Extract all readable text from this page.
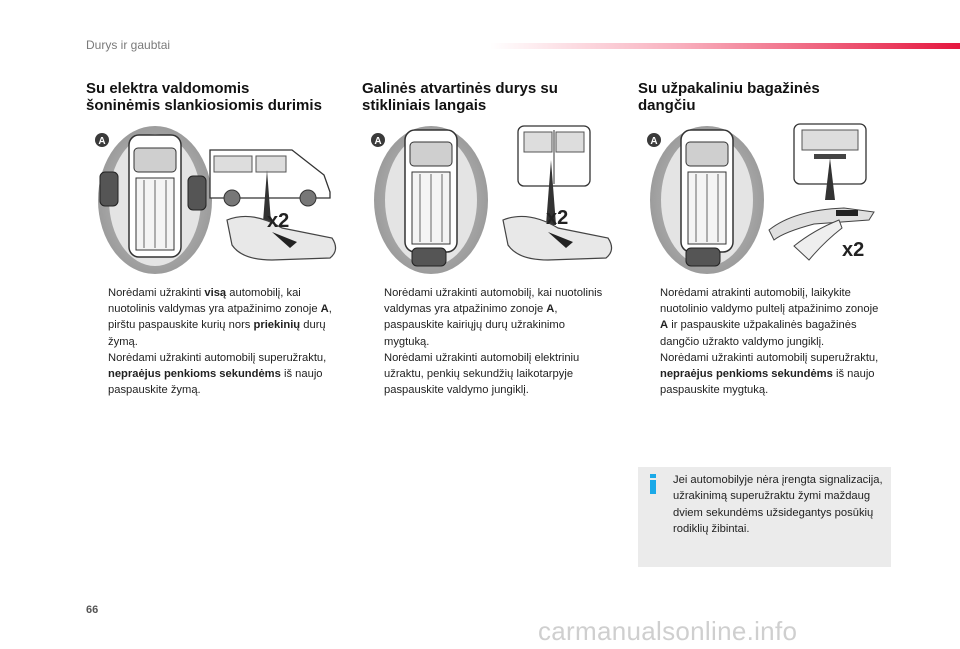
Durys ir gaubtai
Su elektra valdomomis
šoninėmis slankiosiomis durimis
Galinės atvartinės durys su
stikliniais langais
Su užpakaliniu bagažinės
dangčiu
A
x2
A
x2
A
x2
Norėdami užrakinti visą automobilį, kai nuotolinis valdymas yra atpažinimo zonoje A, pirštu paspauskite kurių nors priekinių durų žymą.
Norėdami užrakinti automobilį superužraktu, nepraėjus penkioms sekundėms iš naujo paspauskite žymą.
Norėdami užrakinti automobilį, kai nuotolinis valdymas yra atpažinimo zonoje A, paspauskite kairiųjų durų užrakinimo mygtuką.
Norėdami užrakinti automobilį elektriniu užraktu, penkių sekundžių laikotarpyje paspauskite valdymo jungiklį.
Norėdami atrakinti automobilį, laikykite nuotolinio valdymo pultelį atpažinimo zonoje A ir paspauskite užpakalinės bagažinės dangčio užrakto valdymo jungiklį.
Norėdami užrakinti automobilį superužraktu, nepraėjus penkioms sekundėms iš naujo paspauskite mygtuką.
Jei automobilyje nėra įrengta signalizacija, užrakinimą superužraktu žymi maždaug dviem sekundėms užsidegantys posūkių rodiklių žibintai.
66
carmanualsonline.info
